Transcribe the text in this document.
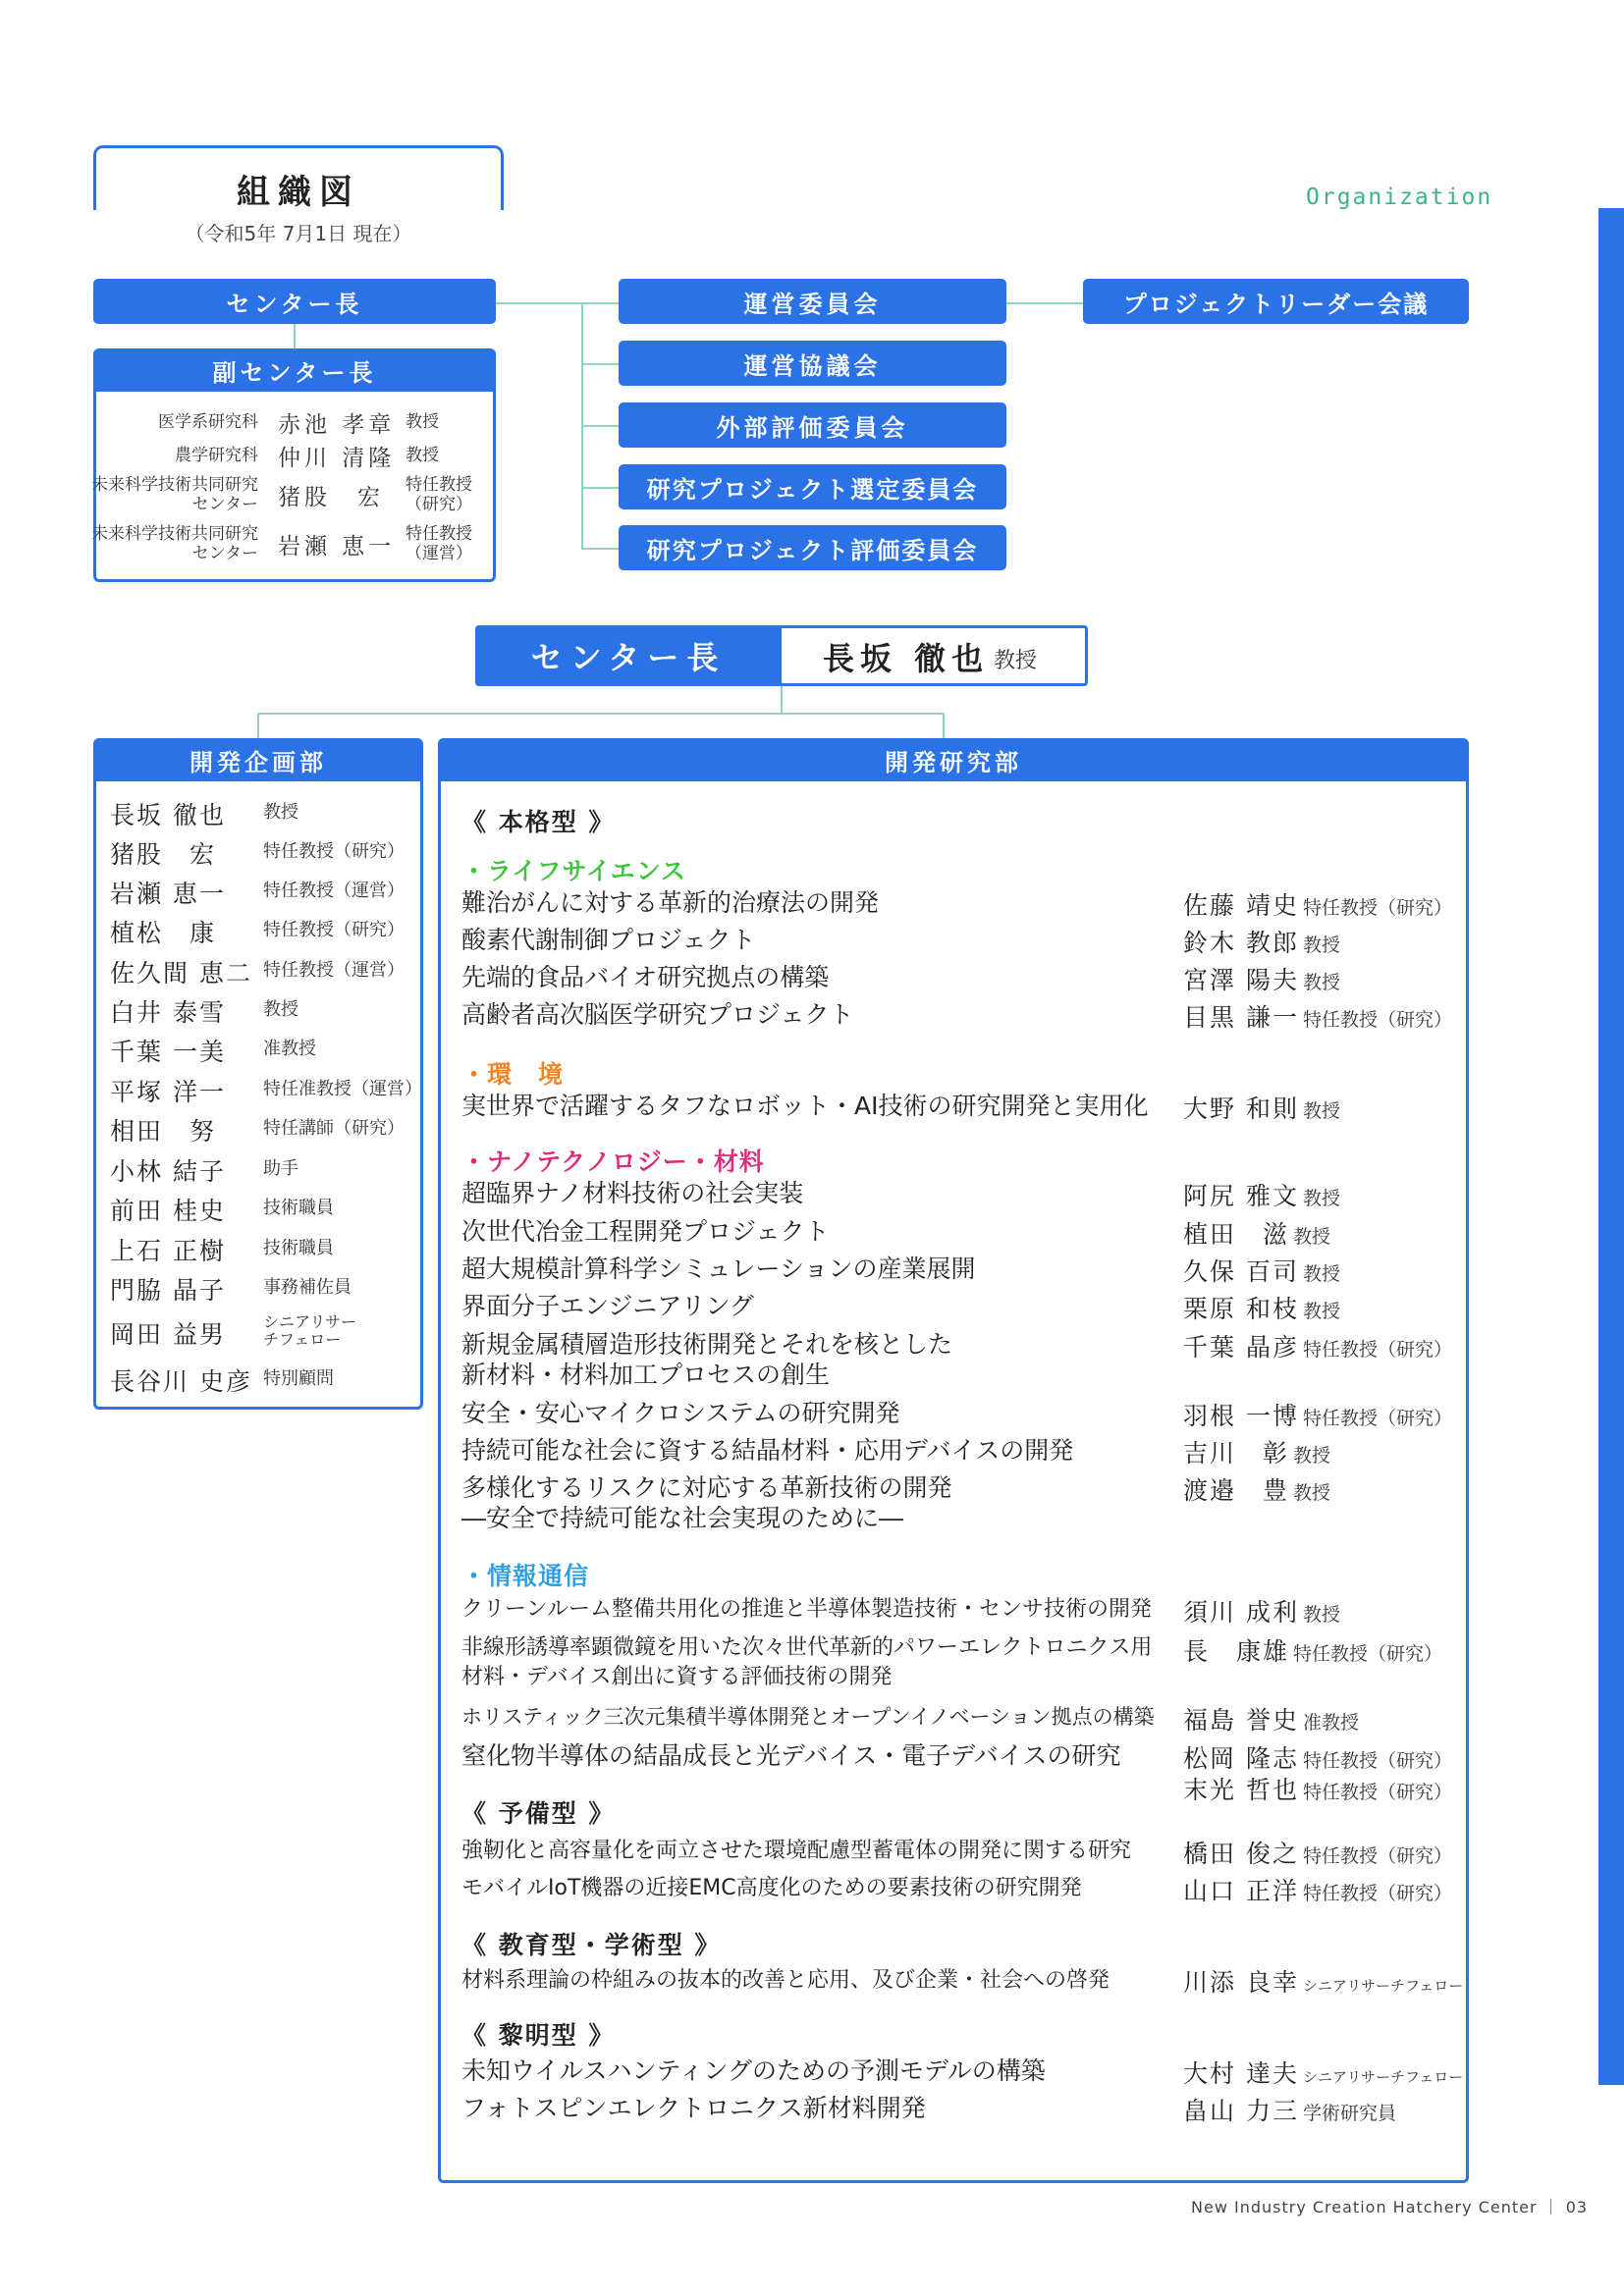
組織図
（令和5年 7月1日 現在）
Organization
センター長
副センター長
医学系研究科 赤池 孝章 教授
農学研究科 仲川 清隆 教授
未来科学技術共同研究センター 猪股　宏 特任教授（研究）
未来科学技術共同研究センター 岩瀬 恵一 特任教授（運営）
運営委員会
運営協議会
外部評価委員会
研究プロジェクト選定委員会
研究プロジェクト評価委員会
プロジェクトリーダー会議
センター長	長坂 徹也 教授
開発企画部
長坂 徹也 教授
猪股　宏	特任教授（研究）
岩瀬 恵一 特任教授（運営）
植松　康	特任教授（研究）
佐久間 恵二 特任教授（運営）
白井 泰雪 教授
千葉 一美 准教授
平塚 洋一 特任准教授（運営）
相田　努	特任講師（研究）
小林 結子 助手
前田 桂史 技術職員
上石 正樹 技術職員
門脇 晶子 事務補佐員
岡田 益男 シニアリサーチフェロー
長谷川 史彦 特別顧問
開発研究部
《 本格型 》
・ライフサイエンス
難治がんに対する革新的治療法の開発	佐藤 靖史 特任教授（研究）
酸素代謝制御プロジェクト	鈴木 教郎 教授
先端的食品バイオ研究拠点の構築	宮澤 陽夫 教授
高齢者高次脳医学研究プロジェクト	目黒 謙一 特任教授（研究）
・環　境
実世界で活躍するタフなロボット・AI技術の研究開発と実用化 大野 和則 教授
・ナノテクノロジー・材料
超臨界ナノ材料技術の社会実装	阿尻 雅文 教授
次世代冶金工程開発プロジェクト	植田　滋 教授
超大規模計算科学シミュレーションの産業展開	久保 百司 教授
界面分子エンジニアリング	栗原 和枝 教授
新規金属積層造形技術開発とそれを核とした
新材料・材料加工プロセスの創生
千葉 晶彦 特任教授（研究）
安全・安心マイクロシステムの研究開発	羽根 一博 特任教授（研究）
持続可能な社会に資する結晶材料・応用デバイスの開発	吉川　彰 教授
多様化するリスクに対応する革新技術の開発
―安全で持続可能な社会実現のために―
渡邉　豊 教授
・情報通信
クリーンルーム整備共用化の推進と半導体製造技術・センサ技術の開発 須川 成利 教授
非線形誘導率顕微鏡を用いた次々世代革新的パワーエレクトロニクス用
材料・デバイス創出に資する評価技術の開発
長　康雄 特任教授（研究）
ホリスティック三次元集積半導体開発とオープンイノベーション拠点の構築 福島 誉史 准教授
窒化物半導体の結晶成長と光デバイス・電子デバイスの研究	松岡 隆志 特任教授（研究）
末光 哲也 特任教授（研究）
《 予備型 》
強靭化と高容量化を両立させた環境配慮型蓄電体の開発に関する研究 橋田 俊之 特任教授（研究）
モバイルIoT機器の近接EMC高度化のための要素技術の研究開発	山口 正洋 特任教授（研究）
《 教育型・学術型 》
材料系理論の枠組みの抜本的改善と応用、及び企業・社会への啓発	川添 良幸 シニアリサーチフェロー
《 黎明型 》
未知ウイルスハンティングのための予測モデルの構築	大村 達夫 シニアリサーチフェロー
フォトスピンエレクトロニクス新材料開発	畠山 力三 学術研究員
New Industry Creation Hatchery Center ｜ 03
